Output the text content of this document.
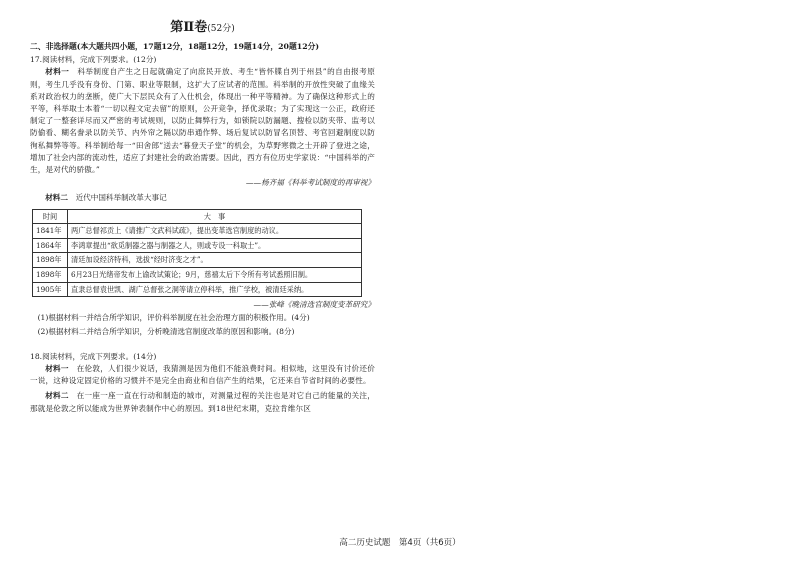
第Ⅱ卷(52分)
二、非选择题(本大题共四小题，17题12分，18题12分，19题14分，20题12分)
17.阅读材料，完成下列要求。(12分)
材料一　 科举制度自产生之日起就确定了向庶民开放、考生“皆怀牒自列于州县”的自由报考原则，考生几乎没有身份、门第、职业等限制，这扩大了应试者的范围。科举制的开放性突破了血缘关系对政治权力的垄断，使广大下层民众有了入仕机会，体现出一种平等精神。为了确保这种形式上的平等，科举取士本着“一切以程文定去留”的原则，公开竞争，择优录取；为了实现这一公正，政府还制定了一整套详尽而又严密的考试规则，以防止舞弊行为，如锁院以防漏题、搜检以防夹带、监考以防偷看、糊名誊录以防关节、内外帘之隔以防串通作弊、场后复试以防冒名顶替、考官回避制度以防徇私舞弊等等。科举制给每一“田舍郎”送去“暮登天子堂”的机会，为草野寒微之士开辟了登进之途，增加了社会内部的流动性，适应了封建社会的政治需要。因此，西方有位历史学家说：“中国科举的产生，是对代的骄傲。”
——杨齐福《科举考试制度的再审视》
材料二　 近代中国科举制改革大事记
时间	大　事
1841年	两广总督祁贡上《请推广文武科试疏》，提出变革选官制度的动议。
1864年	李鸿章提出“欲觅制器之器与制器之人，则或专设一科取士”。
1898年	清廷加设经济特科，选拔“经时济变之才”。
1898年	6月23日光绪帝发布上谕改试策论；9月，慈禧太后下令所有考试悉照旧制。
1905年	直隶总督袁世凯、湖广总督张之洞等请立停科举，推广学校，被清廷采纳。
——张峰《晚清选官制度变革研究》
(1)根据材料一并结合所学知识，评价科举制度在社会治理方面的积极作用。(4分)
(2)根据材料二并结合所学知识，分析晚清选官制度改革的原因和影响。(8分)
18.阅读材料，完成下列要求。(14分)
材料一　 在伦敦，人们很少说话，我猜测是因为他们不能浪费时间。相似地，这里没有讨价还价一说，这种设定固定价格的习惯并不是完全由商业和自信产生的结果，它还来自节省时间的必要性。
材料二　 在一座一座一直在行动和制造的城市，对测量过程的关注也是对它自己的能量的关注，那就是伦敦之所以能成为世界钟表制作中心的原因。到18世纪末期，克拉肯维尔区
高二历史试题　第4页（共6页）
